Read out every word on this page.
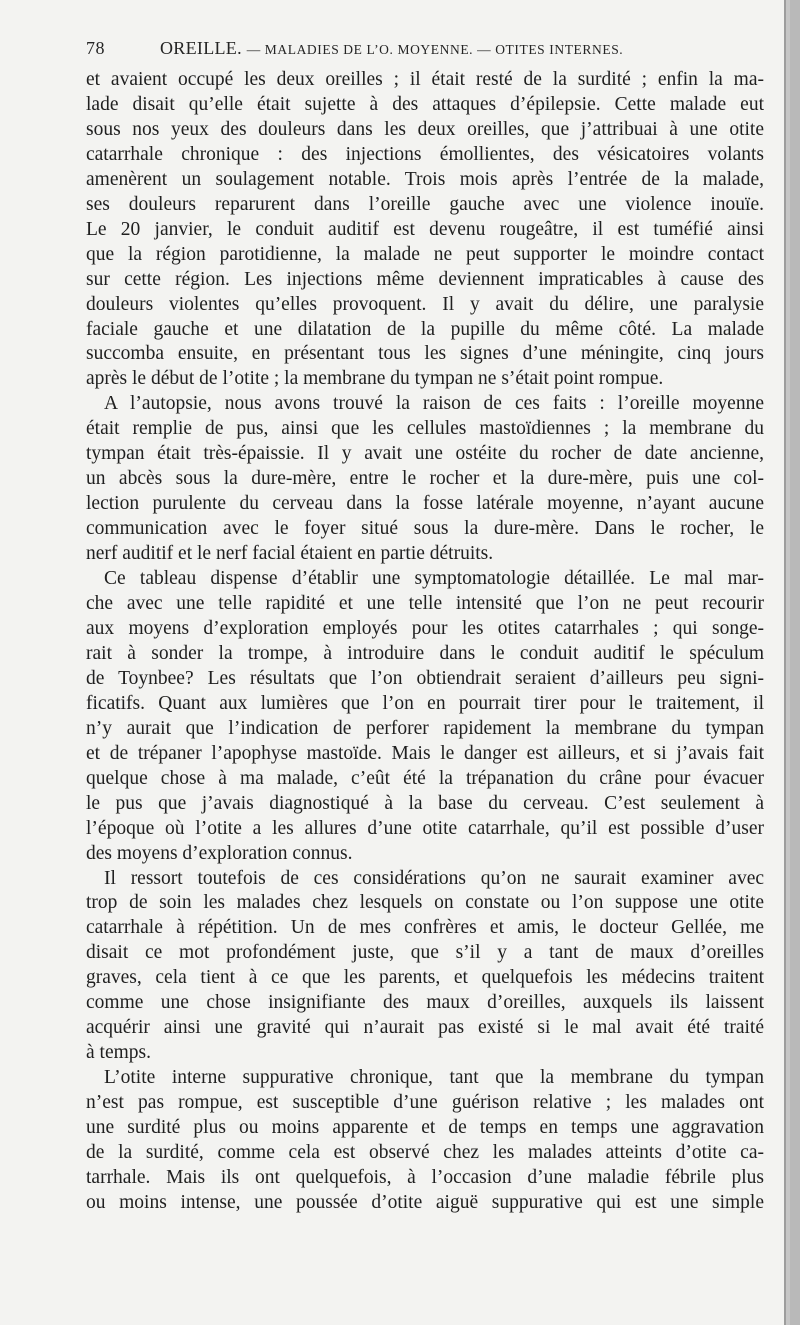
78	OREILLE. — MALADIES DE L’O. MOYENNE. — OTITES INTERNES.
et avaient occupé les deux oreilles ; il était resté de la surdité ; enfin la ma-
lade disait qu’elle était sujette à des attaques d’épilepsie. Cette malade eut
sous nos yeux des douleurs dans les deux oreilles, que j’attribuai à une otite
catarrhale chronique : des injections émollientes, des vésicatoires volants
amenèrent un soulagement notable. Trois mois après l’entrée de la malade,
ses douleurs reparurent dans l’oreille gauche avec une violence inouïe.
Le 20 janvier, le conduit auditif est devenu rougeâtre, il est tuméfié ainsi
que la région parotidienne, la malade ne peut supporter le moindre contact
sur cette région. Les injections même deviennent impraticables à cause des
douleurs violentes qu’elles provoquent. Il y avait du délire, une paralysie
faciale gauche et une dilatation de la pupille du même côté. La malade
succomba ensuite, en présentant tous les signes d’une méningite, cinq jours
après le début de l’otite ; la membrane du tympan ne s’était point rompue.
A l’autopsie, nous avons trouvé la raison de ces faits : l’oreille moyenne
était remplie de pus, ainsi que les cellules mastoïdiennes ; la membrane du
tympan était très-épaissie. Il y avait une ostéite du rocher de date ancienne,
un abcès sous la dure-mère, entre le rocher et la dure-mère, puis une col-
lection purulente du cerveau dans la fosse latérale moyenne, n’ayant aucune
communication avec le foyer situé sous la dure-mère. Dans le rocher, le
nerf auditif et le nerf facial étaient en partie détruits.
Ce tableau dispense d’établir une symptomatologie détaillée. Le mal mar-
che avec une telle rapidité et une telle intensité que l’on ne peut recourir
aux moyens d’exploration employés pour les otites catarrhales ; qui songe-
rait à sonder la trompe, à introduire dans le conduit auditif le spéculum
de Toynbee? Les résultats que l’on obtiendrait seraient d’ailleurs peu signi-
ficatifs. Quant aux lumières que l’on en pourrait tirer pour le traitement, il
n’y aurait que l’indication de perforer rapidement la membrane du tympan
et de trépaner l’apophyse mastoïde. Mais le danger est ailleurs, et si j’avais fait
quelque chose à ma malade, c’eût été la trépanation du crâne pour évacuer
le pus que j’avais diagnostiqué à la base du cerveau. C’est seulement à
l’époque où l’otite a les allures d’une otite catarrhale, qu’il est possible d’user
des moyens d’exploration connus.
Il ressort toutefois de ces considérations qu’on ne saurait examiner avec
trop de soin les malades chez lesquels on constate ou l’on suppose une otite
catarrhale à répétition. Un de mes confrères et amis, le docteur Gellée, me
disait ce mot profondément juste, que s’il y a tant de maux d’oreilles
graves, cela tient à ce que les parents, et quelquefois les médecins traitent
comme une chose insignifiante des maux d’oreilles, auxquels ils laissent
acquérir ainsi une gravité qui n’aurait pas existé si le mal avait été traité
à temps.
L’otite interne suppurative chronique, tant que la membrane du tympan
n’est pas rompue, est susceptible d’une guérison relative ; les malades ont
une surdité plus ou moins apparente et de temps en temps une aggravation
de la surdité, comme cela est observé chez les malades atteints d’otite ca-
tarrhale. Mais ils ont quelquefois, à l’occasion d’une maladie fébrile plus
ou moins intense, une poussée d’otite aiguë suppurative qui est une simple
